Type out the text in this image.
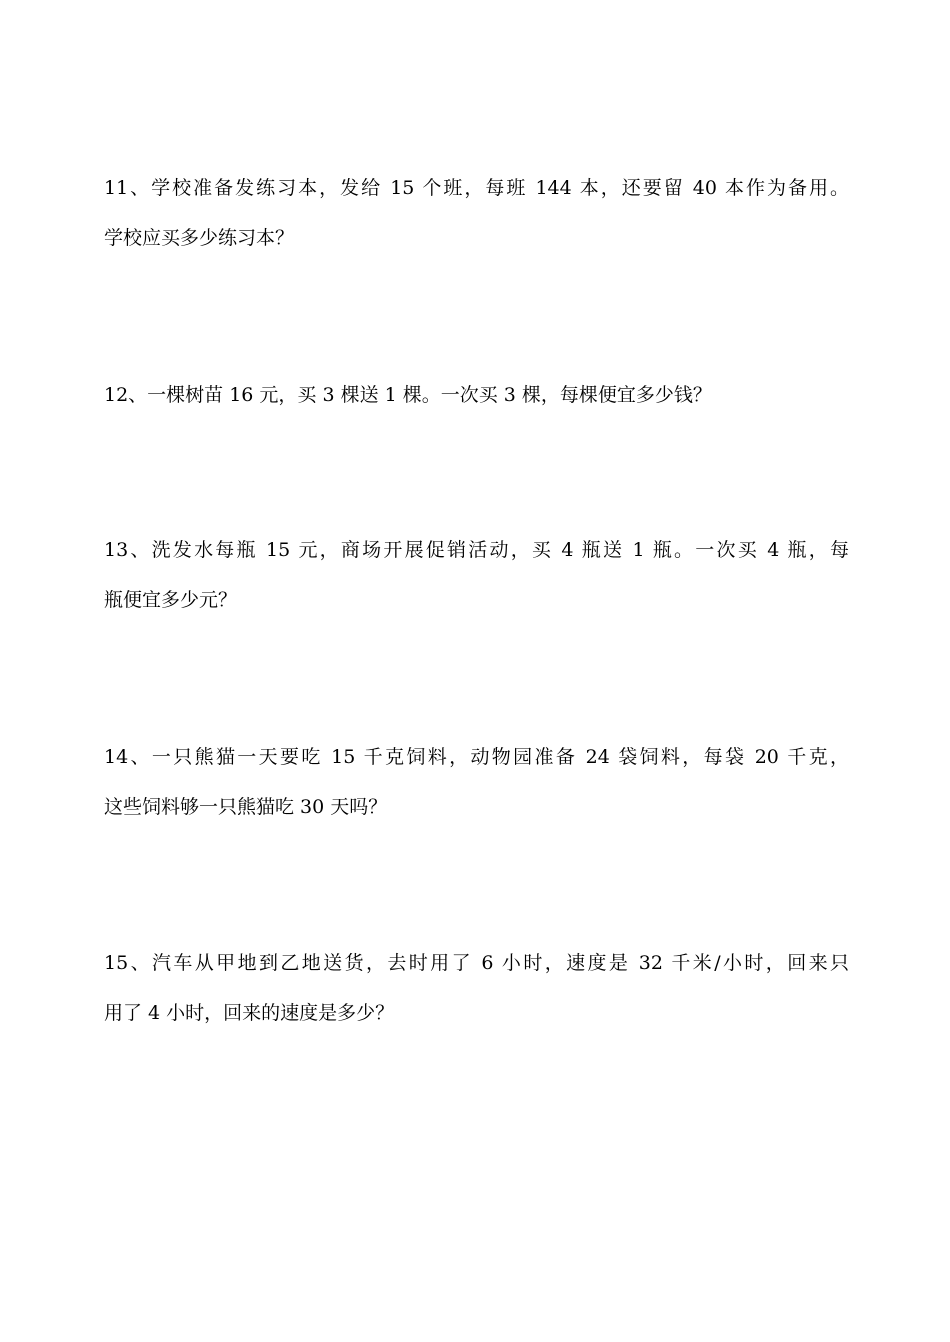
11、学校准备发练习本，发给 15 个班，每班 144 本，还要留 40 本作为备用。
学校应买多少练习本？
12、一棵树苗 16 元，买 3 棵送 1 棵。一次买 3 棵，每棵便宜多少钱？
13、洗发水每瓶 15 元，商场开展促销活动，买 4 瓶送 1 瓶。一次买 4 瓶，每
瓶便宜多少元？
14、一只熊猫一天要吃 15 千克饲料，动物园准备 24 袋饲料，每袋 20 千克，
这些饲料够一只熊猫吃 30 天吗？
15、汽车从甲地到乙地送货，去时用了 6 小时，速度是 32 千米/小时，回来只
用了 4 小时，回来的速度是多少？
